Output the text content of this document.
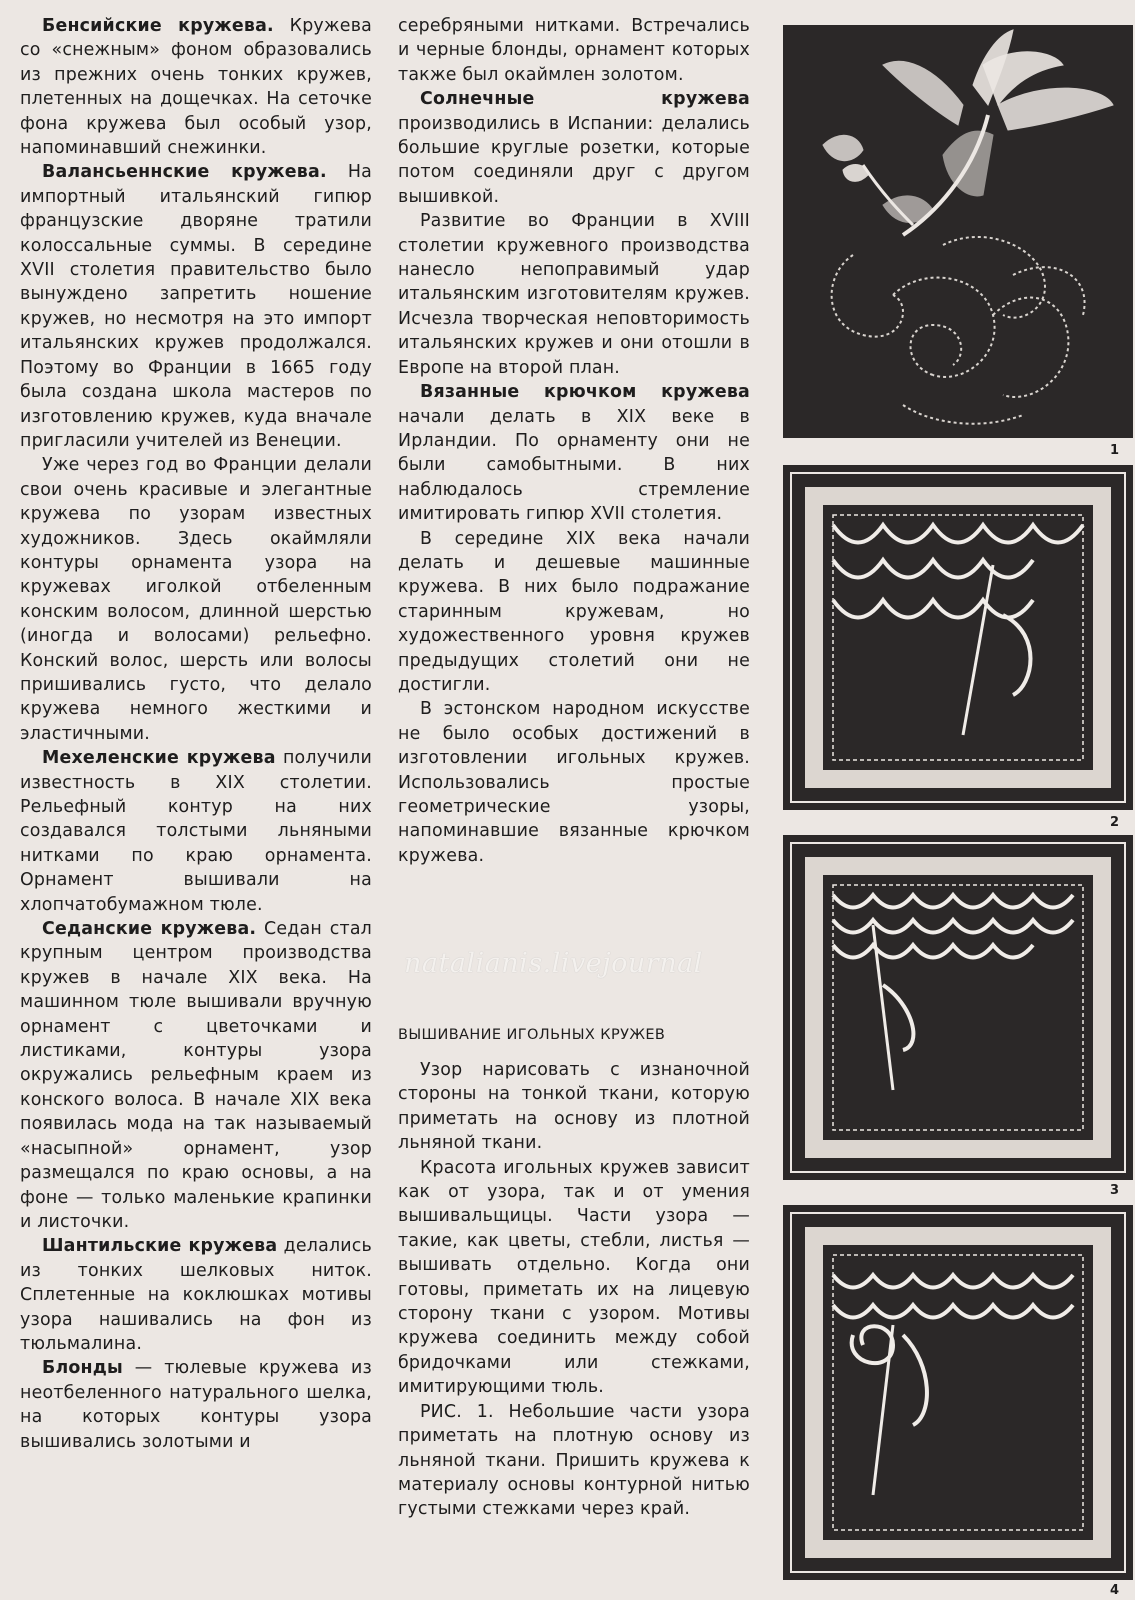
Бенсийские кружева. Кружева со «снежным» фоном образовались из прежних очень тонких кружев, плетенных на дощечках. На сеточке фона кружева был особый узор, напоминавший снежинки.

Валансьеннские кружева. На импортный итальянский гипюр французские дворяне тратили колоссальные суммы. В середине XVII столетия правительство было вынуждено запретить ношение кружев, но несмотря на это импорт итальянских кружев продолжался. Поэтому во Франции в 1665 году была создана школа мастеров по изготовлению кружев, куда вначале пригласили учителей из Венеции.

Уже через год во Франции делали свои очень красивые и элегантные кружева по узорам известных художников. Здесь окаймляли контуры орнамента узора на кружевах иголкой отбеленным конским волосом, длинной шерстью (иногда и волосами) рельефно. Конский волос, шерсть или волосы пришивались густо, что делало кружева немного жесткими и эластичными.

Мехеленские кружева получили известность в XIX столетии. Рельефный контур на них создавался толстыми льняными нитками по краю орнамента. Орнамент вышивали на хлопчатобумажном тюле.

Седанские кружева. Седан стал крупным центром производства кружев в начале XIX века. На машинном тюле вышивали вручную орнамент с цветочками и листиками, контуры узора окружались рельефным краем из конского волоса. В начале XIX века появилась мода на так называемый «насыпной» орнамент, узор размещался по краю основы, а на фоне — только маленькие крапинки и листочки.

Шантильские кружева делались из тонких шелковых ниток. Сплетенные на коклюшках мотивы узора нашивались на фон из тюльмалина.

Блонды — тюлевые кружева из неотбеленного натурального шелка, на которых контуры узора вышивались золотыми и

серебряными нитками. Встречались и черные блонды, орнамент которых также был окаймлен золотом.

Солнечные кружева производились в Испании: делались большие круглые розетки, которые потом соединяли друг с другом вышивкой.

Развитие во Франции в XVIII столетии кружевного производства нанесло непоправимый удар итальянским изготовителям кружев. Исчезла творческая неповторимость итальянских кружев и они отошли в Европе на второй план.

Вязанные крючком кружева начали делать в XIX веке в Ирландии. По орнаменту они не были самобытными. В них наблюдалось стремление имитировать гипюр XVII столетия.

В середине XIX века начали делать и дешевые машинные кружева. В них было подражание старинным кружевам, но художественного уровня кружев предыдущих столетий они не достигли.

В эстонском народном искусстве не было особых достижений в изготовлении игольных кружев. Использовались простые геометрические узоры, напоминавшие вязанные крючком кружева.

natalianis.livejournal
ВЫШИВАНИЕ ИГОЛЬНЫХ КРУЖЕВ

Узор нарисовать с изнаночной стороны на тонкой ткани, которую приметать на основу из плотной льняной ткани.

Красота игольных кружев зависит как от узора, так и от умения вышивальщицы. Части узора — такие, как цветы, стебли, листья — вышивать отдельно. Когда они готовы, приметать их на лицевую сторону ткани с узором. Мотивы кружева соединить между собой бридочками или стежками, имитирующими тюль.

РИС. 1. Небольшие части узора приметать на плотную основу из льняной ткани. Пришить кружева к материалу основы контурной нитью густыми стежками через край.

1
2
3
4
